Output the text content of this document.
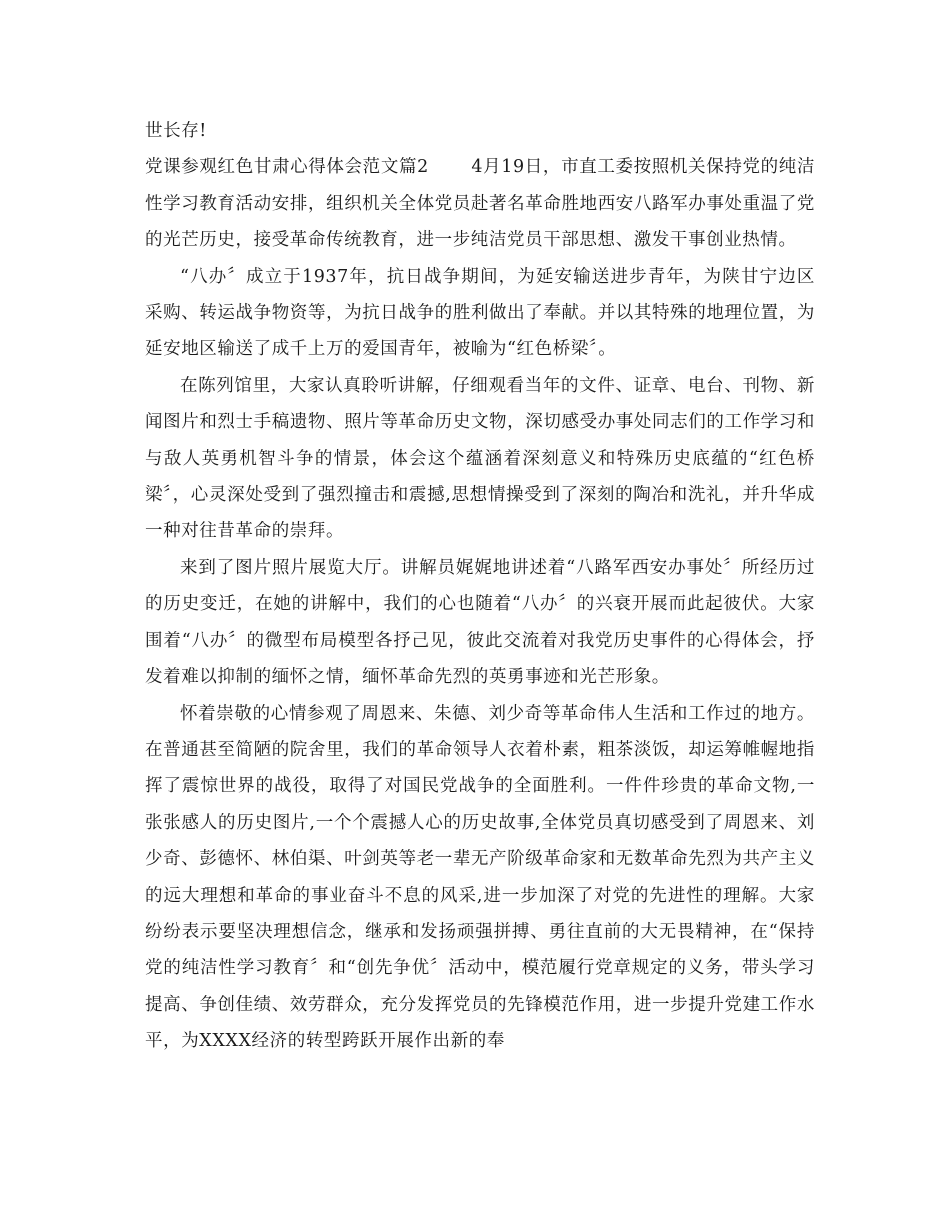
世长存!

党课参观红色甘肃心得体会范文篇2　　 4月19日，市直工委按照机关保持党的纯洁性学习教育活动安排，组织机关全体党员赴著名革命胜地西安八路军办事处重温了党的光芒历史，接受革命传统教育，进一步纯洁党员干部思想、激发干事创业热情。

“八办〞成立于1937年，抗日战争期间，为延安输送进步青年，为陕甘宁边区采购、转运战争物资等，为抗日战争的胜利做出了奉献。并以其特殊的地理位置，为延安地区输送了成千上万的爱国青年，被喻为“红色桥梁〞。

在陈列馆里，大家认真聆听讲解，仔细观看当年的文件、证章、电台、刊物、新闻图片和烈士手稿遗物、照片等革命历史文物，深切感受办事处同志们的工作学习和与敌人英勇机智斗争的情景，体会这个蕴涵着深刻意义和特殊历史底蕴的“红色桥梁〞，心灵深处受到了强烈撞击和震撼,思想情操受到了深刻的陶冶和洗礼，并升华成一种对往昔革命的崇拜。

来到了图片照片展览大厅。讲解员娓娓地讲述着“八路军西安办事处〞所经历过的历史变迁，在她的讲解中，我们的心也随着“八办〞的兴衰开展而此起彼伏。大家围着“八办〞的微型布局模型各抒己见，彼此交流着对我党历史事件的心得体会，抒发着难以抑制的缅怀之情，缅怀革命先烈的英勇事迹和光芒形象。

怀着崇敬的心情参观了周恩来、朱德、刘少奇等革命伟人生活和工作过的地方。在普通甚至简陋的院舍里，我们的革命领导人衣着朴素，粗茶淡饭，却运筹帷幄地指挥了震惊世界的战役，取得了对国民党战争的全面胜利。一件件珍贵的革命文物,一张张感人的历史图片,一个个震撼人心的历史故事,全体党员真切感受到了周恩来、刘少奇、彭德怀、林伯渠、叶剑英等老一辈无产阶级革命家和无数革命先烈为共产主义的远大理想和革命的事业奋斗不息的风采,进一步加深了对党的先进性的理解。大家纷纷表示要坚决理想信念，继承和发扬顽强拼搏、勇往直前的大无畏精神，在“保持党的纯洁性学习教育〞和“创先争优〞活动中，模范履行党章规定的义务，带头学习提高、争创佳绩、效劳群众，充分发挥党员的先锋模范作用，进一步提升党建工作水平，为XXXX经济的转型跨跃开展作出新的奉
